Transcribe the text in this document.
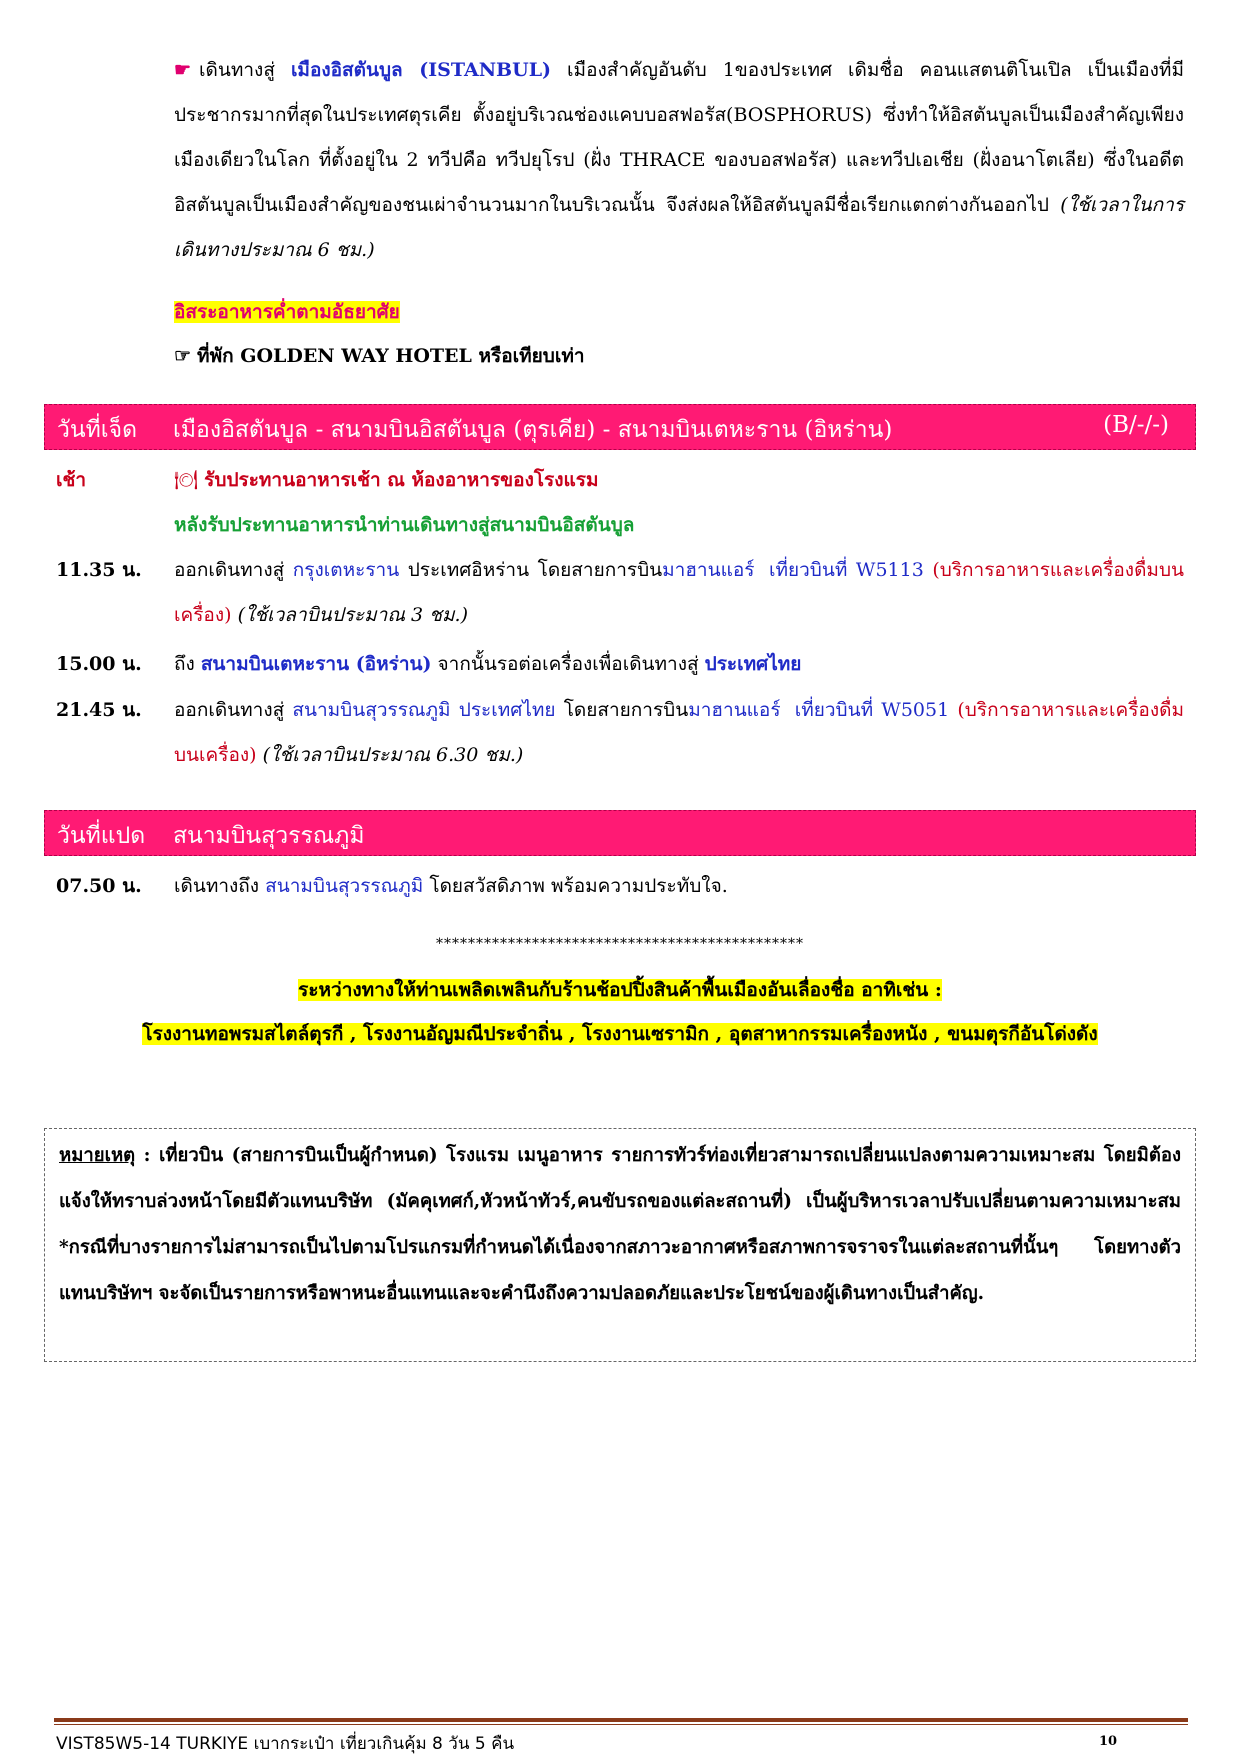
☛ เดินทางสู่ เมืองอิสตันบูล (ISTANBUL) เมืองสำคัญอันดับ 1ของประเทศ เดิมชื่อ คอนแสตนติโนเปิล เป็นเมืองที่มีประชากรมากที่สุดในประเทศตุรเคีย ตั้งอยู่บริเวณช่องแคบบอสฟอรัส(BOSPHORUS) ซึ่งทำให้อิสตันบูลเป็นเมืองสำคัญเพียงเมืองเดียวในโลก ที่ตั้งอยู่ใน 2 ทวีปคือ ทวีปยุโรป (ฝั่ง THRACE ของบอสฟอรัส) และทวีปเอเชีย (ฝั่งอนาโตเลีย) ซึ่งในอดีตอิสตันบูลเป็นเมืองสำคัญของชนเผ่าจำนวนมากในบริเวณนั้น จึงส่งผลให้อิสตันบูลมีชื่อเรียกแตกต่างกันออกไป (ใช้เวลาในการเดินทางประมาณ 6 ชม.)
อิสระอาหารค่ำตามอัธยาศัย
☞ ที่พัก GOLDEN WAY HOTEL หรือเทียบเท่า
วันที่เจ็ด เมืองอิสตันบูล - สนามบินอิสตันบูล (ตุรเคีย) - สนามบินเตหะราน (อิหร่าน)	(B/-/-)
เช้า	🍽 รับประทานอาหารเช้า ณ ห้องอาหารของโรงแรม
หลังรับประทานอาหารนำท่านเดินทางสู่สนามบินอิสตันบูล
11.35 น.	ออกเดินทางสู่ กรุงเตหะราน ประเทศอิหร่าน โดยสายการบินมาฮานแอร์ เที่ยวบินที่ W5113 (บริการอาหารและเครื่องดื่มบนเครื่อง) (ใช้เวลาบินประมาณ 3 ชม.)
15.00 น.	ถึง สนามบินเตหะราน (อิหร่าน) จากนั้นรอต่อเครื่องเพื่อเดินทางสู่ ประเทศไทย
21.45 น.	ออกเดินทางสู่ สนามบินสุวรรณภูมิ ประเทศไทย โดยสายการบินมาฮานแอร์ เที่ยวบินที่ W5051 (บริการอาหารและเครื่องดื่มบนเครื่อง) (ใช้เวลาบินประมาณ 6.30 ชม.)
วันที่แปด สนามบินสุวรรณภูมิ
07.50 น.	เดินทางถึง สนามบินสุวรรณภูมิ โดยสวัสดิภาพ พร้อมความประทับใจ.
**********************************************
ระหว่างทางให้ท่านเพลิดเพลินกับร้านช้อปปิ้งสินค้าพื้นเมืองอันเลื่องชื่อ อาทิเช่น :
โรงงานทอพรมสไตล์ตุรกี , โรงงานอัญมณีประจำถิ่น , โรงงานเซรามิก , อุตสาหากรรมเครื่องหนัง , ขนมตุรกีอันโด่งดัง
หมายเหตุ : เที่ยวบิน (สายการบินเป็นผู้กำหนด) โรงแรม เมนูอาหาร รายการทัวร์ท่องเที่ยวสามารถเปลี่ยนแปลงตามความเหมาะสม โดยมิต้องแจ้งให้ทราบล่วงหน้าโดยมีตัวแทนบริษัท (มัคคุเทศก์,หัวหน้าทัวร์,คนขับรถของแต่ละสถานที่) เป็นผู้บริหารเวลาปรับเปลี่ยนตามความเหมาะสม *กรณีที่บางรายการไม่สามารถเป็นไปตามโปรแกรมที่กำหนดได้เนื่องจากสภาวะอากาศหรือสภาพการจราจรในแต่ละสถานที่นั้นๆ โดยทางตัวแทนบริษัทฯ จะจัดเป็นรายการหรือพาหนะอื่นแทนและจะคำนึงถึงความปลอดภัยและประโยชน์ของผู้เดินทางเป็นสำคัญ.
VIST85W5-14 TURKIYE เบากระเป๋า เที่ยวเกินคุ้ม 8 วัน 5 คืน	10
